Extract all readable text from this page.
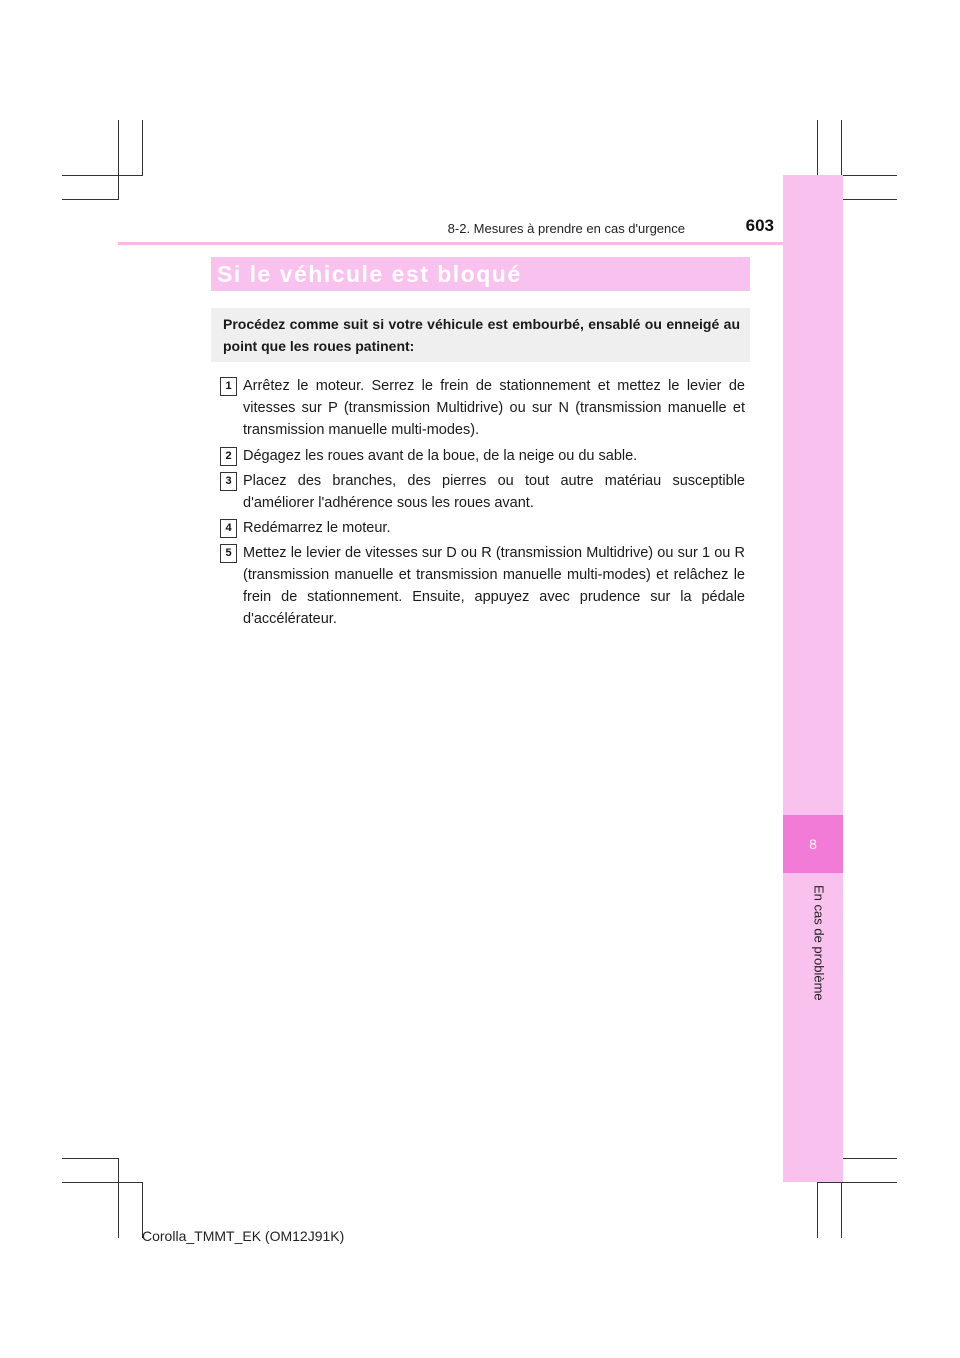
8
En cas de problème
8-2. Mesures à prendre en cas d'urgence	603
Si le véhicule est bloqué

Procédez comme suit si votre véhicule est embourbé, ensablé ou enneigé au point que les roues patinent:

1 Arrêtez le moteur. Serrez le frein de stationnement et mettez le levier de vitesses sur P (transmission Multidrive) ou sur N (transmission manuelle et transmission manuelle multi-modes).

2 Dégagez les roues avant de la boue, de la neige ou du sable.

3 Placez des branches, des pierres ou tout autre matériau susceptible d'améliorer l'adhérence sous les roues avant.

4 Redémarrez le moteur.

5 Mettez le levier de vitesses sur D ou R (transmission Multidrive) ou sur 1 ou R (transmission manuelle et transmission manuelle multi-modes) et relâchez le frein de stationnement. Ensuite, appuyez avec prudence sur la pédale d'accélérateur.

Corolla_TMMT_EK (OM12J91K)
